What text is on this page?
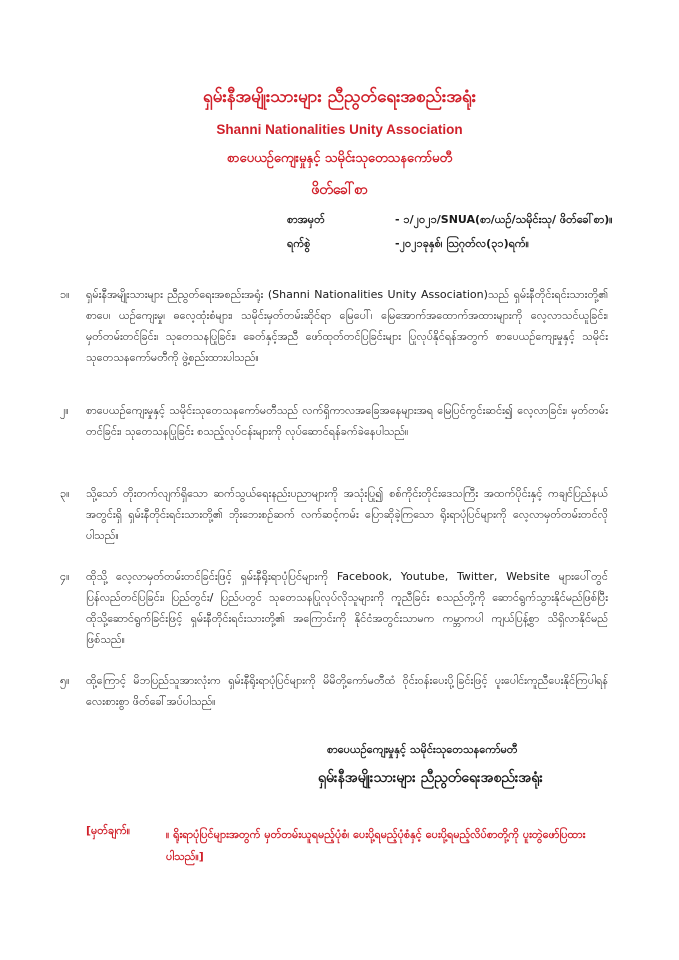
ရှမ်းနီအမျိုးသားများ ညီညွတ်ရေးအစည်းအရုံး
Shanni Nationalities Unity Association
စာပေယဉ်ကျေးမှုနှင့် သမိုင်းသုတေသနကော်မတီ
ဖိတ်ခေါ်စာ
စာအမှတ်	- ၁/၂၀၂၁/SNUA(စာ/ယဉ်/သမိုင်းသု/ ဖိတ်ခေါ်စာ)။
ရက်စွဲ	-၂၀၂၁ခုနှစ်၊ ဩဂုတ်လ(၃၁)ရက်။

၁။ ရှမ်းနီအမျိုးသားများ ညီညွတ်ရေးအစည်းအရုံး (Shanni Nationalities Unity Association)သည် ရှမ်းနီတိုင်းရင်းသားတို့၏ စာပေ၊ ယဉ်ကျေးမှု၊ ဓလေ့ထုံးစံများ၊ သမိုင်းမှတ်တမ်းဆိုင်ရာ မြေပေါ်၊ မြေအောက်အထောက်အထားများကို လေ့လာသင်ယူခြင်း၊ မှတ်တမ်းတင်ခြင်း၊ သုတေသနပြုခြင်း၊ ခေတ်နှင့်အညီ ဖော်ထုတ်တင်ပြခြင်းများ ပြုလုပ်နိုင်ရန်အတွက် စာပေယဉ်ကျေးမှုနှင့် သမိုင်းသုတေသနကော်မတီကို ဖွဲ့စည်းထားပါသည်။

၂။ စာပေယဉ်ကျေးမှုနှင့် သမိုင်းသုတေသနကော်မတီသည် လက်ရှိကာလအခြေအနေများအရ မြေပြင်ကွင်းဆင်း၍ လေ့လာခြင်း၊ မှတ်တမ်းတင်ခြင်း၊ သုတေသနပြုခြင်း စသည့်လုပ်ငန်းများကို လုပ်ဆောင်ရန်ခက်ခဲနေပါသည်။

၃။ သို့သော် တိုးတက်လျက်ရှိသော ဆက်သွယ်ရေးနည်းပညာများကို အသုံးပြု၍ စစ်ကိုင်းတိုင်းဒေသကြီး အထက်ပိုင်းနှင့် ကချင်ပြည်နယ်အတွင်းရှိ ရှမ်းနီတိုင်းရင်းသားတို့၏ ဘိုးဘေးစဉ်ဆက် လက်ဆင့်ကမ်း ပြောဆိုခဲ့ကြသော ရိုးရာပုံပြင်များကို လေ့လာမှတ်တမ်းတင်လိုပါသည်။

၄။ ထိုသို့ လေ့လာမှတ်တမ်းတင်ခြင်းဖြင့် ရှမ်းနီရိုးရာပုံပြင်များကို Facebook, Youtube, Twitter, Website များပေါ်တွင် ပြန်လည်တင်ပြခြင်း၊ ပြည်တွင်း/ ပြည်ပတွင် သုတေသနပြုလုပ်လိုသူများကို ကူညီခြင်း စသည်တို့ကို ဆောင်ရွက်သွားနိုင်မည်ဖြစ်ပြီး ထိုသို့ဆောင်ရွက်ခြင်းဖြင့် ရှမ်းနီတိုင်းရင်းသားတို့၏ အကြောင်းကို နိုင်ငံအတွင်းသာမက ကမ္ဘာကပါ ကျယ်ပြန့်စွာ သိရှိလာနိုင်မည်ဖြစ်သည်။

၅။ ထို့ကြောင့် မိဘပြည်သူအားလုံးက ရှမ်းနီရိုးရာပုံပြင်များကို မိမိတို့ကော်မတီထံ ဝိုင်းဝန်းပေးပို့ခြင်းဖြင့် ပူးပေါင်းကူညီပေးနိုင်ကြပါရန် လေးစားစွာ ဖိတ်ခေါ်အပ်ပါသည်။

စာပေယဉ်ကျေးမှုနှင့် သမိုင်းသုတေသနကော်မတီ
ရှမ်းနီအမျိုးသားများ ညီညွတ်ရေးအစည်းအရုံး
[မှတ်ချက်။	။ ရိုးရာပုံပြင်များအတွက် မှတ်တမ်းယူရမည့်ပုံစံ၊ ပေးပို့ရမည့်ပုံစံနှင့် ပေးပို့ရမည့်လိပ်စာတို့ကို ပူးတွဲဖော်ပြထားပါသည်။]
